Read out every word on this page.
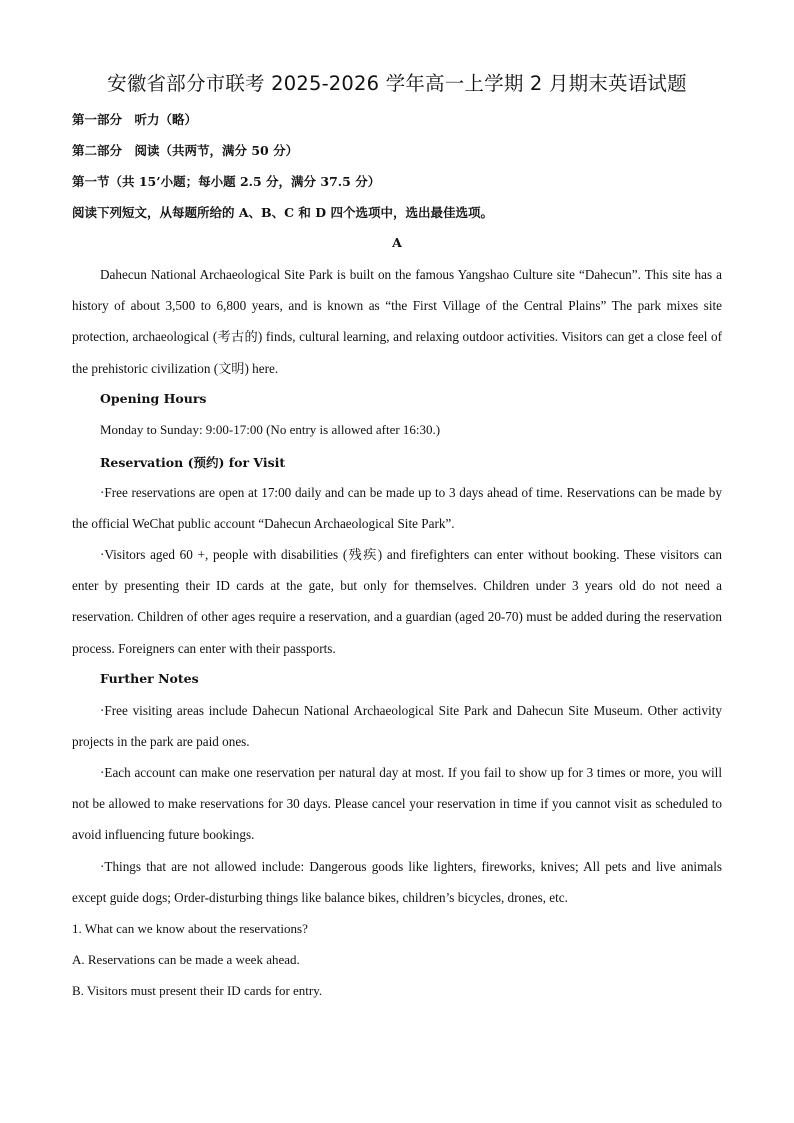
安徽省部分市联考 2025-2026 学年高一上学期 2 月期末英语试题
第一部分　听力（略）
第二部分　阅读（共两节，满分 50 分）
第一节（共 15’小题；每小题 2.5 分，满分 37.5 分）
阅读下列短文，从每题所给的 A、B、C 和 D 四个选项中，选出最佳选项。
A
Dahecun National Archaeological Site Park is built on the famous Yangshao Culture site “Dahecun”. This site has a history of about 3,500 to 6,800 years, and is known as “the First Village of the Central Plains” The park mixes site protection, archaeological (考古的) finds, cultural learning, and relaxing outdoor activities. Visitors can get a close feel of the prehistoric civilization (文明) here.
Opening Hours
Monday to Sunday: 9:00-17:00 (No entry is allowed after 16:30.)
Reservation (预约) for Visit
·Free reservations are open at 17:00 daily and can be made up to 3 days ahead of time. Reservations can be made by the official WeChat public account “Dahecun Archaeological Site Park”.
·Visitors aged 60 +, people with disabilities (残疾) and firefighters can enter without booking. These visitors can enter by presenting their ID cards at the gate, but only for themselves. Children under 3 years old do not need a reservation. Children of other ages require a reservation, and a guardian (aged 20-70) must be added during the reservation process. Foreigners can enter with their passports.
Further Notes
·Free visiting areas include Dahecun National Archaeological Site Park and Dahecun Site Museum. Other activity projects in the park are paid ones.
·Each account can make one reservation per natural day at most. If you fail to show up for 3 times or more, you will not be allowed to make reservations for 30 days. Please cancel your reservation in time if you cannot visit as scheduled to avoid influencing future bookings.
·Things that are not allowed include: Dangerous goods like lighters, fireworks, knives; All pets and live animals except guide dogs; Order-disturbing things like balance bikes, children’s bicycles, drones, etc.
1. What can we know about the reservations?
A. Reservations can be made a week ahead.
B. Visitors must present their ID cards for entry.
